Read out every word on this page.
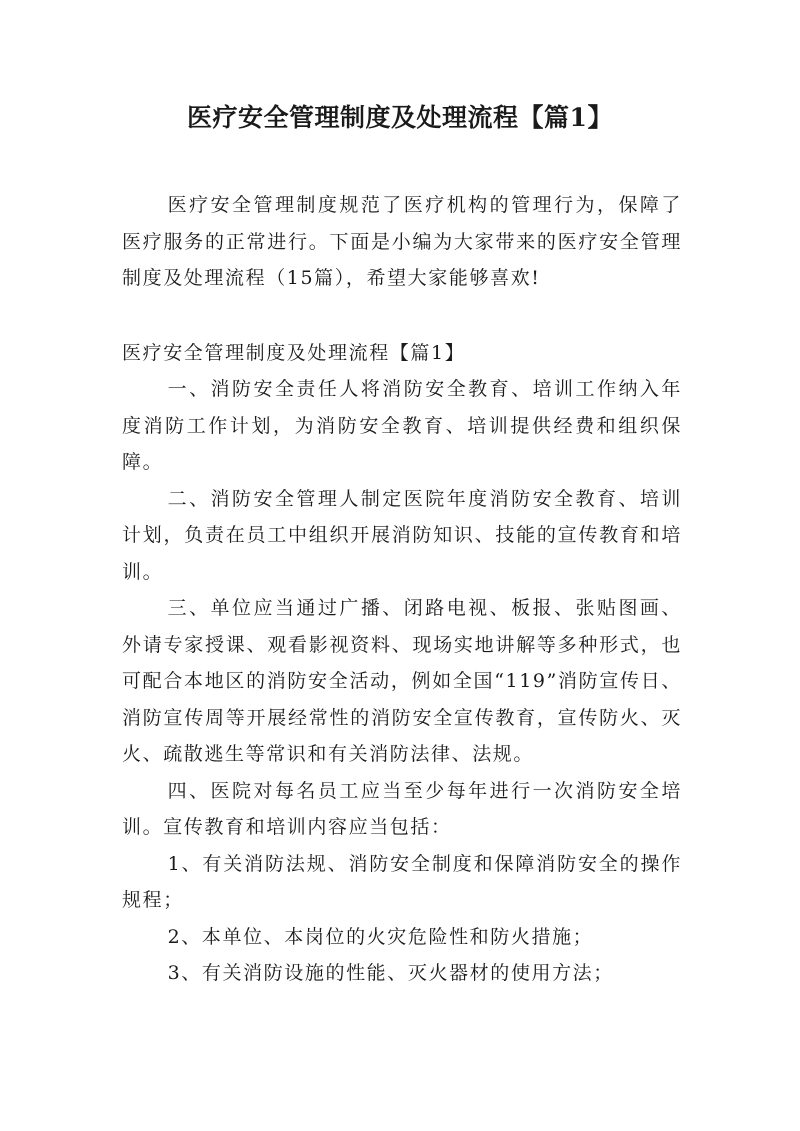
医疗安全管理制度及处理流程【篇1】

医疗安全管理制度规范了医疗机构的管理行为，保障了医疗服务的正常进行。下面是小编为大家带来的医疗安全管理制度及处理流程（15篇），希望大家能够喜欢!

医疗安全管理制度及处理流程【篇1】

一、消防安全责任人将消防安全教育、培训工作纳入年度消防工作计划，为消防安全教育、培训提供经费和组织保障。

二、消防安全管理人制定医院年度消防安全教育、培训计划，负责在员工中组织开展消防知识、技能的宣传教育和培训。

三、单位应当通过广播、闭路电视、板报、张贴图画、外请专家授课、观看影视资料、现场实地讲解等多种形式，也可配合本地区的消防安全活动，例如全国“119”消防宣传日、消防宣传周等开展经常性的消防安全宣传教育，宣传防火、灭火、疏散逃生等常识和有关消防法律、法规。

四、医院对每名员工应当至少每年进行一次消防安全培训。宣传教育和培训内容应当包括：

1、有关消防法规、消防安全制度和保障消防安全的操作规程；

2、本单位、本岗位的火灾危险性和防火措施；

3、有关消防设施的性能、灭火器材的使用方法；
